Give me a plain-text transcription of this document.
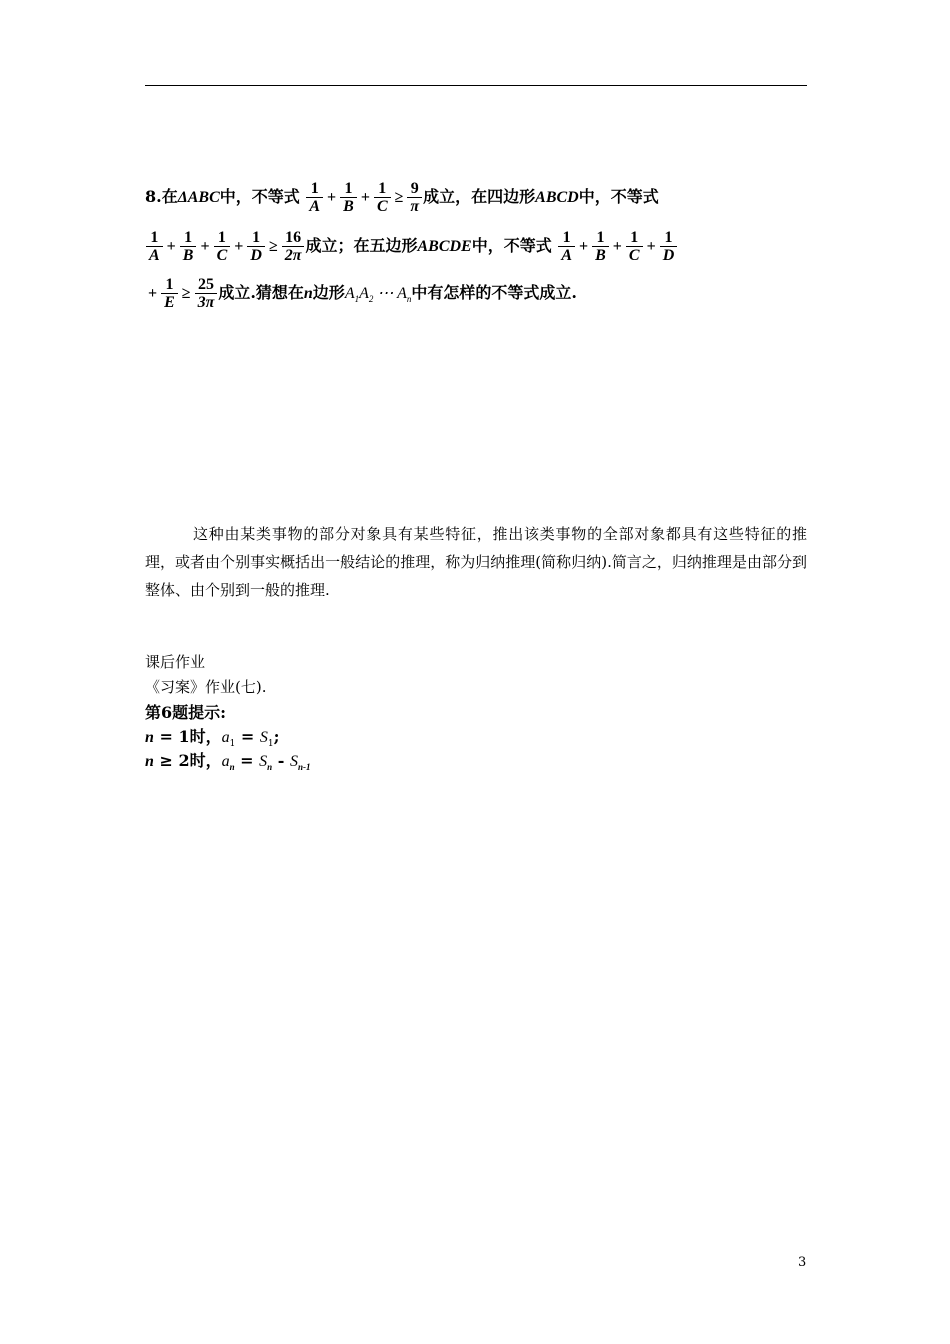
8.在ΔABC中，不等式 $\frac{1}{A} + \frac{1}{B} + \frac{1}{C} \ge \frac{9}{\pi}$ 成立，在四边形ABCD中，不等式
$\frac{1}{A} + \frac{1}{B} + \frac{1}{C} + \frac{1}{D} \ge \frac{16}{2\pi}$ 成立；在五边形ABCDE中，不等式 $\frac{1}{A} + \frac{1}{B} + \frac{1}{C} + \frac{1}{D}$
+ $\frac{1}{E} \ge \frac{25}{3\pi}$ 成立.猜想在n边形$A_1A_2$ ⋯ $A_n$中有怎样的不等式成立.
这种由某类事物的部分对象具有某些特征，推出该类事物的全部对象都具有这些特征的推理，或者由个别事实概括出一般结论的推理，称为归纳推理(简称归纳).简言之，归纳推理是由部分到整体、由个别到一般的推理.
课后作业
《习案》作业(七).
第6题提示:
n = 1时，$a_1 = S_1$;
n ≥ 2时，$a_n = S_n - S_{n-1}$
3
